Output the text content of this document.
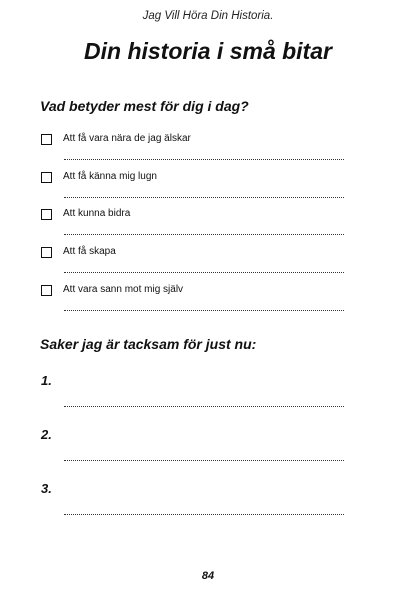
Jag Vill Höra Din Historia.
Din historia i små bitar
Vad betyder mest för dig i dag?
Att få vara nära de jag älskar
Att få känna mig lugn
Att kunna bidra
Att få skapa
Att vara sann mot mig själv
Saker jag är tacksam för just nu:
1.
2.
3.
84
